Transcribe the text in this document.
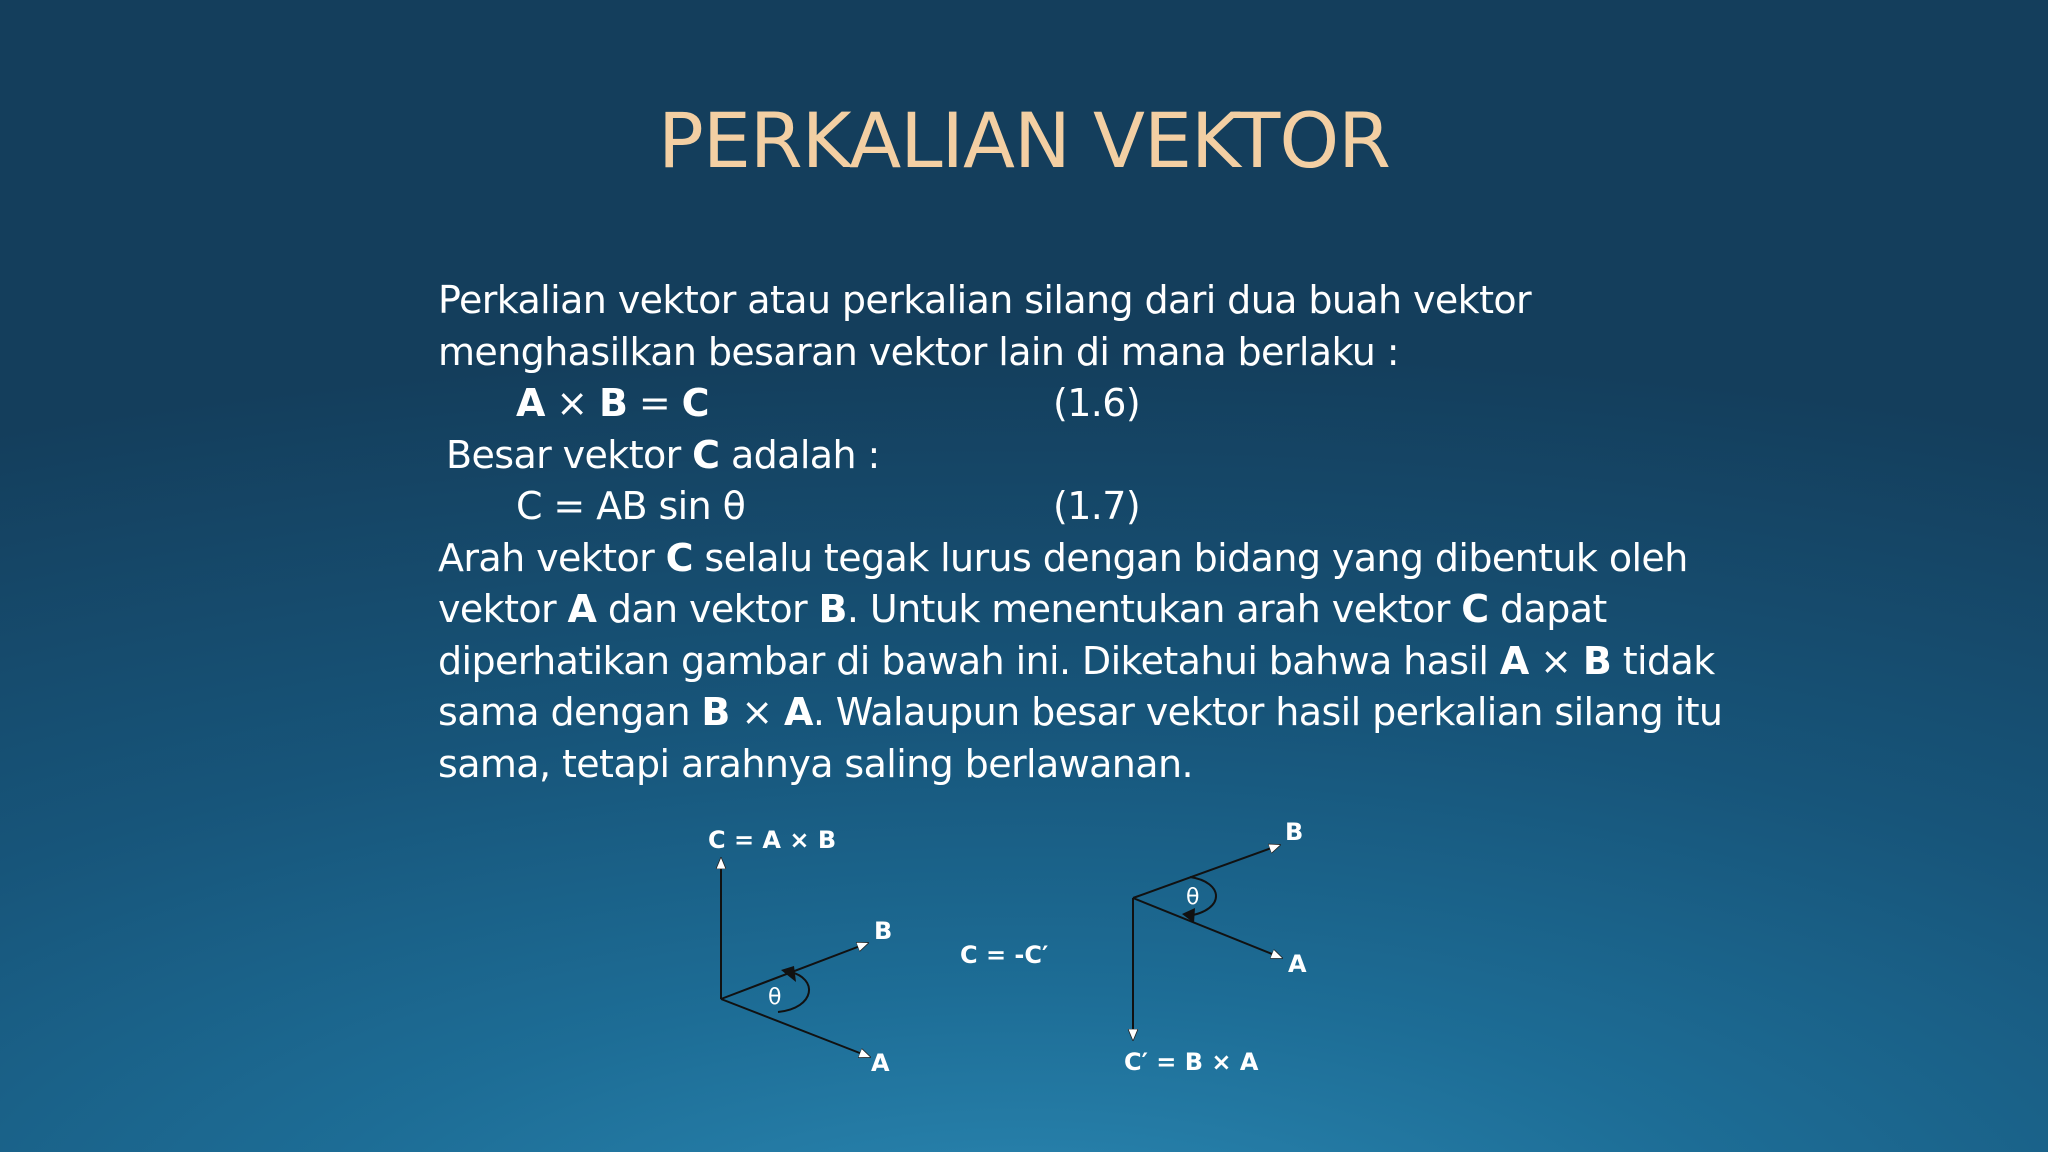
PERKALIAN VEKTOR
Perkalian vektor atau perkalian silang dari dua buah vektor
menghasilkan besaran vektor lain di mana berlaku :
A × B = C	(1.6)
Besar vektor C adalah :
C = AB sin θ	(1.7)
Arah vektor C selalu tegak lurus dengan bidang yang dibentuk oleh
vektor A dan vektor B. Untuk menentukan arah vektor C dapat
diperhatikan gambar di bawah ini. Diketahui bahwa hasil A × B tidak
sama dengan B × A. Walaupun besar vektor hasil perkalian silang itu
sama, tetapi arahnya saling berlawanan.
C = A × B
B
A
θ
C = -C′
B
A
θ
C′ = B × A
